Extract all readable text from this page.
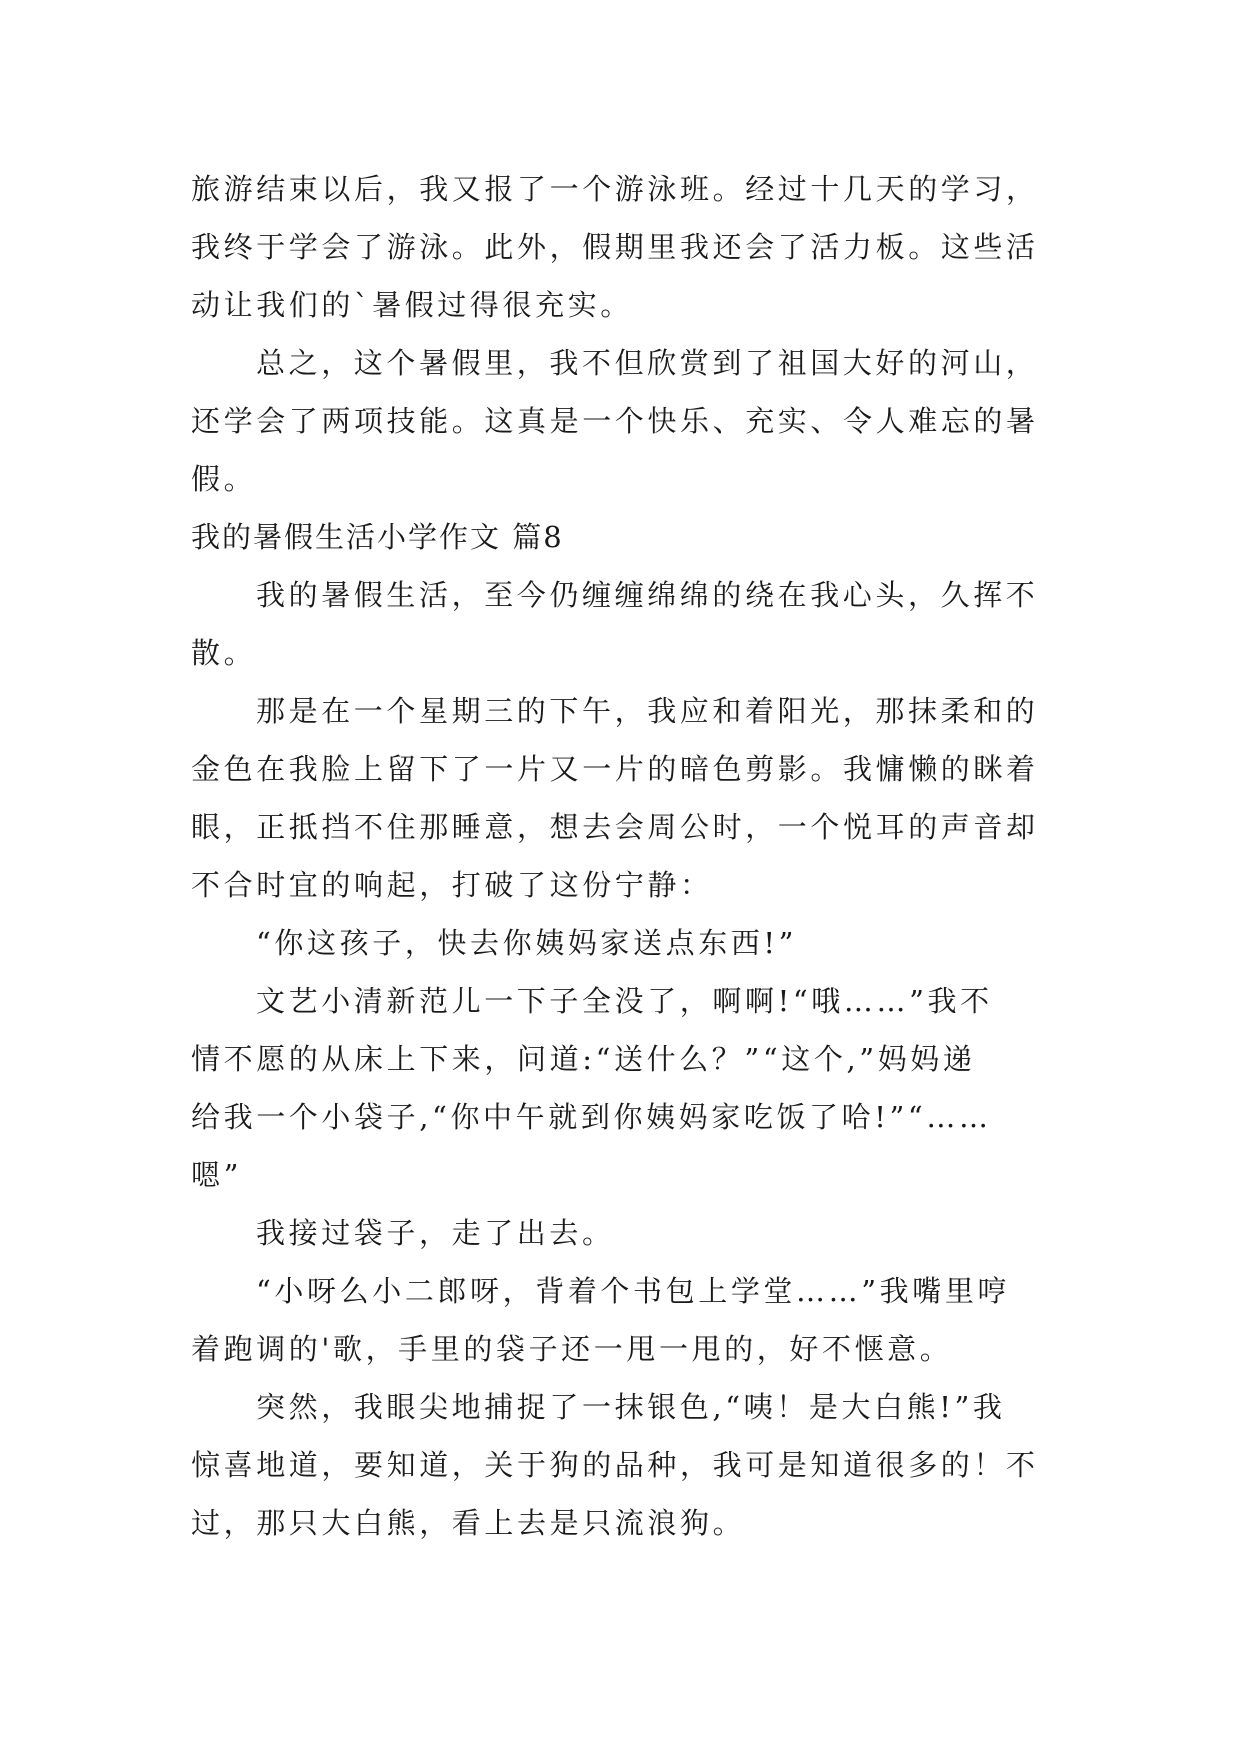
旅游结束以后，我又报了一个游泳班。经过十几天的学习，
我终于学会了游泳。此外，假期里我还会了活力板。这些活
动让我们的`暑假过得很充实。
总之，这个暑假里，我不但欣赏到了祖国大好的河山，
还学会了两项技能。这真是一个快乐、充实、令人难忘的暑
假。
我的暑假生活小学作文 篇8
我的暑假生活，至今仍缠缠绵绵的绕在我心头，久挥不
散。
那是在一个星期三的下午，我应和着阳光，那抹柔和的
金色在我脸上留下了一片又一片的暗色剪影。我慵懒的眯着
眼，正抵挡不住那睡意，想去会周公时，一个悦耳的声音却
不合时宜的响起，打破了这份宁静：
“你这孩子，快去你姨妈家送点东西!”
文艺小清新范儿一下子全没了，啊啊!“哦……”我不
情不愿的从床上下来，问道:“送什么？”“这个,”妈妈递
给我一个小袋子,“你中午就到你姨妈家吃饭了哈!”“……
嗯”
我接过袋子，走了出去。
“小呀么小二郎呀，背着个书包上学堂……”我嘴里哼
着跑调的'歌，手里的袋子还一甩一甩的，好不惬意。
突然，我眼尖地捕捉了一抹银色,“咦！是大白熊!”我
惊喜地道，要知道，关于狗的品种，我可是知道很多的！不
过，那只大白熊，看上去是只流浪狗。
